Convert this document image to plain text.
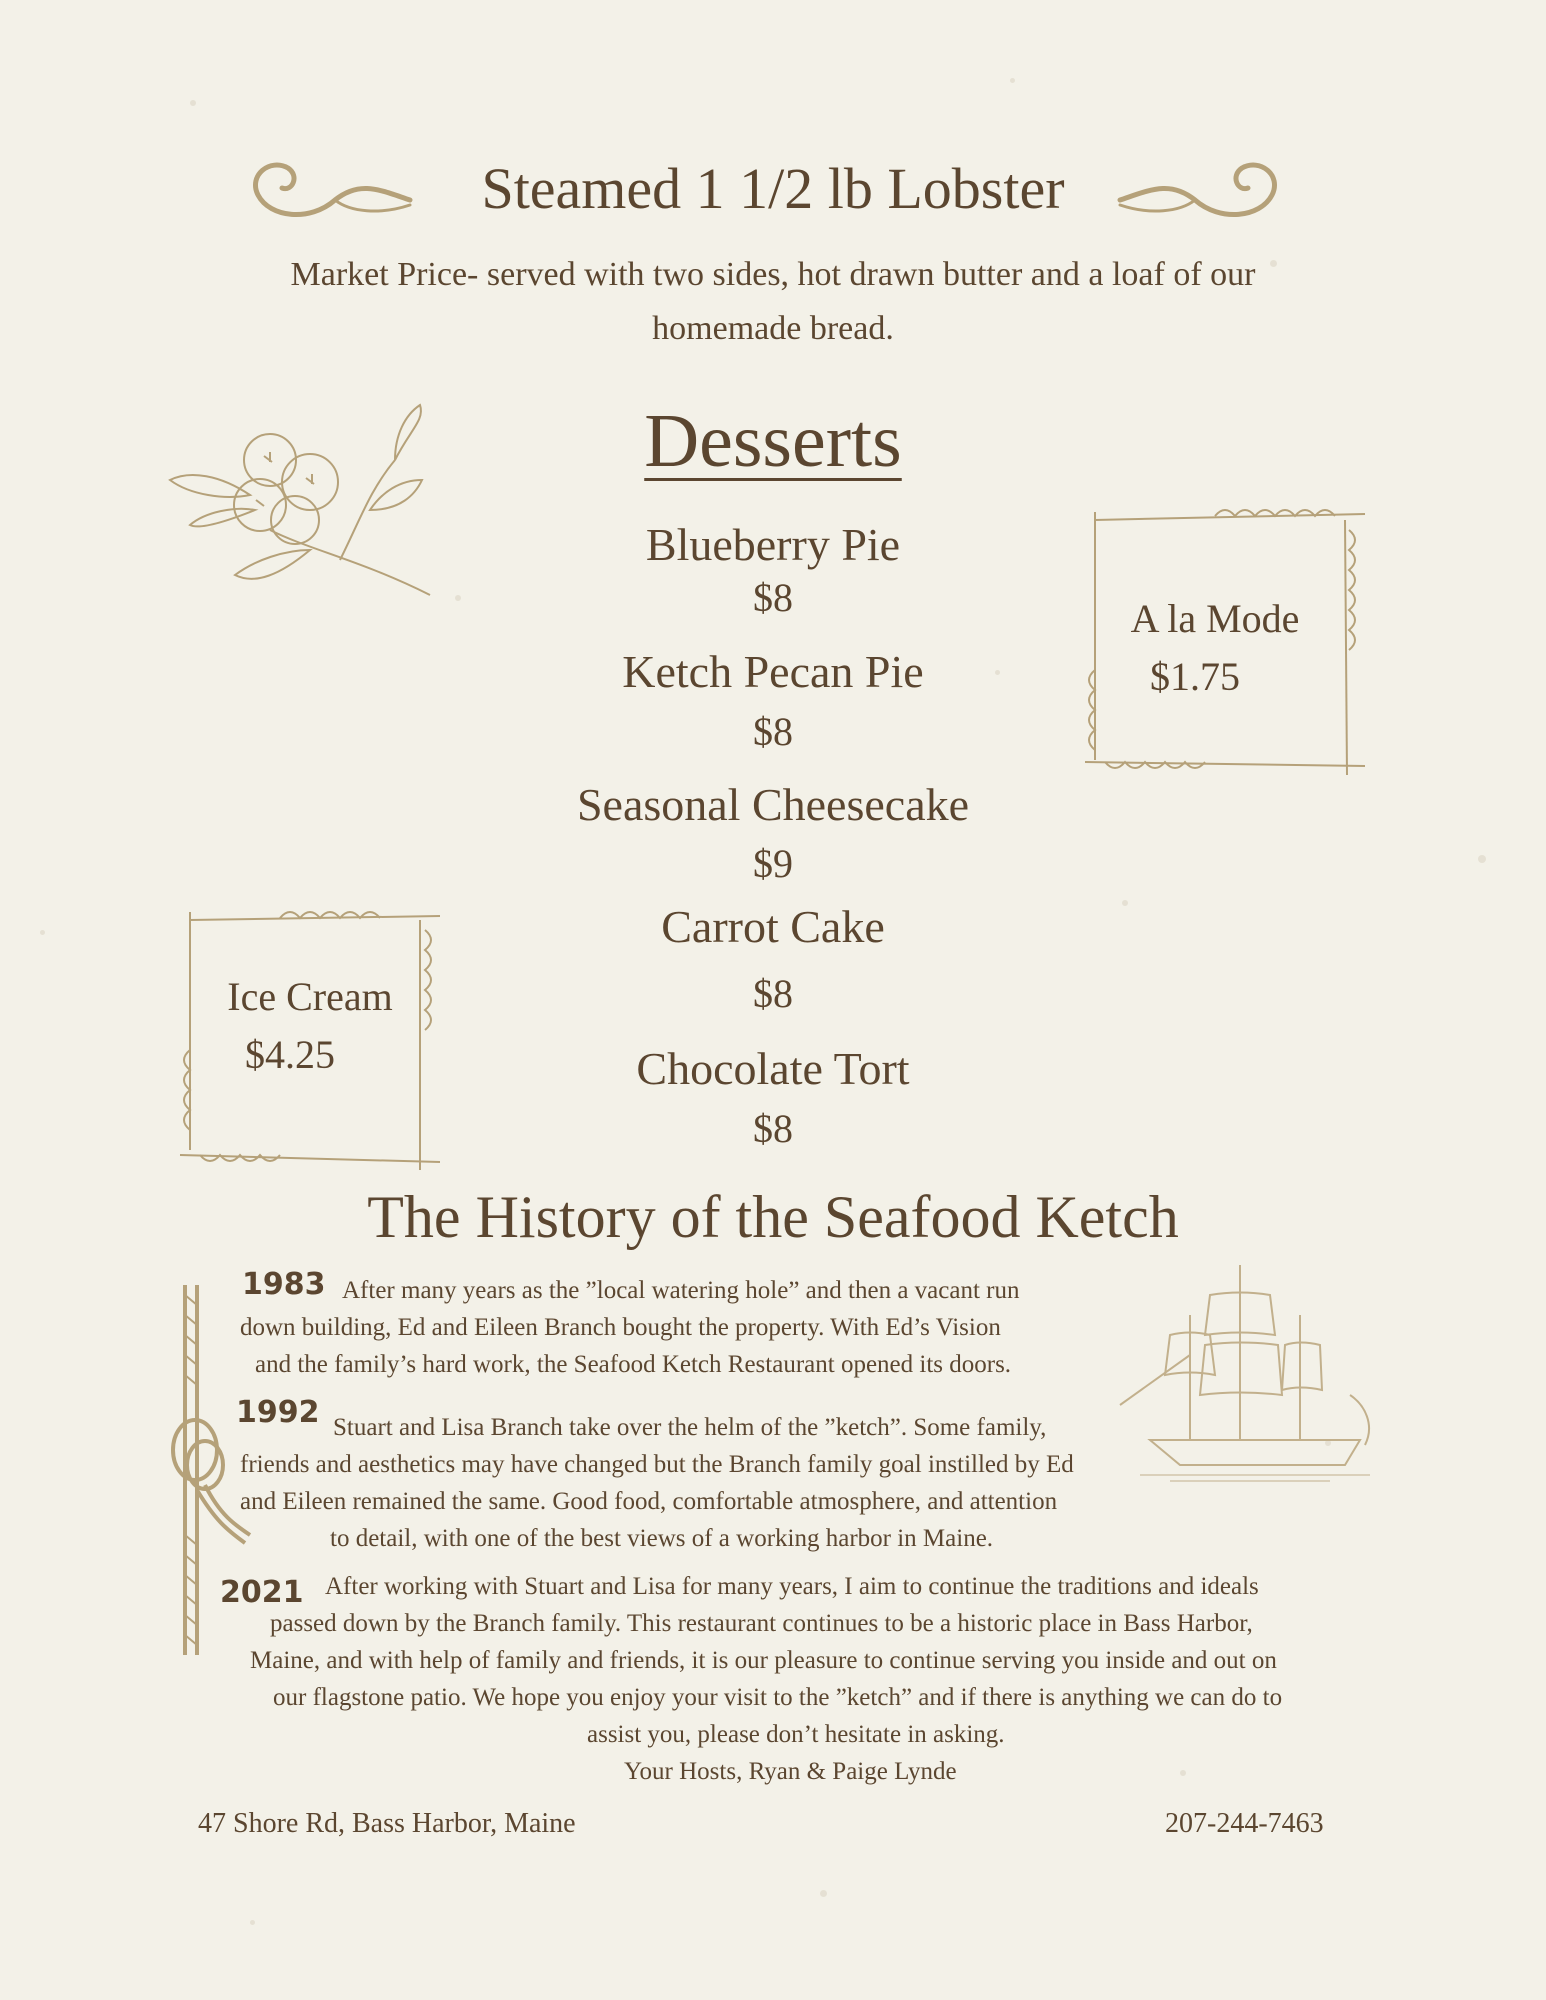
Steamed 1 1/2 lb Lobster
Market Price- served with two sides, hot drawn butter and a loaf of our
homemade bread.
Desserts
Blueberry Pie
$8
Ketch Pecan Pie
$8
Seasonal Cheesecake
$9
Carrot Cake
$8
Chocolate Tort
$8
A la Mode
$1.75
Ice Cream
$4.25
The History of the Seafood Ketch
1983 After many years as the ”local watering hole” and then a vacant run
down building, Ed and Eileen Branch bought the property. With Ed’s Vision
and the family’s hard work, the Seafood Ketch Restaurant opened its doors.
1992 Stuart and Lisa Branch take over the helm of the ”ketch”. Some family,
friends and aesthetics may have changed but the Branch family goal instilled by Ed
and Eileen remained the same. Good food, comfortable atmosphere, and attention
to detail, with one of the best views of a working harbor in Maine.
2021 After working with Stuart and Lisa for many years, I aim to continue the traditions and ideals
passed down by the Branch family. This restaurant continues to be a historic place in Bass Harbor,
Maine, and with help of family and friends, it is our pleasure to continue serving you inside and out on
our flagstone patio. We hope you enjoy your visit to the ”ketch” and if there is anything we can do to
assist you, please don’t hesitate in asking.
Your Hosts, Ryan & Paige Lynde
47 Shore Rd, Bass Harbor, Maine	207-244-7463
